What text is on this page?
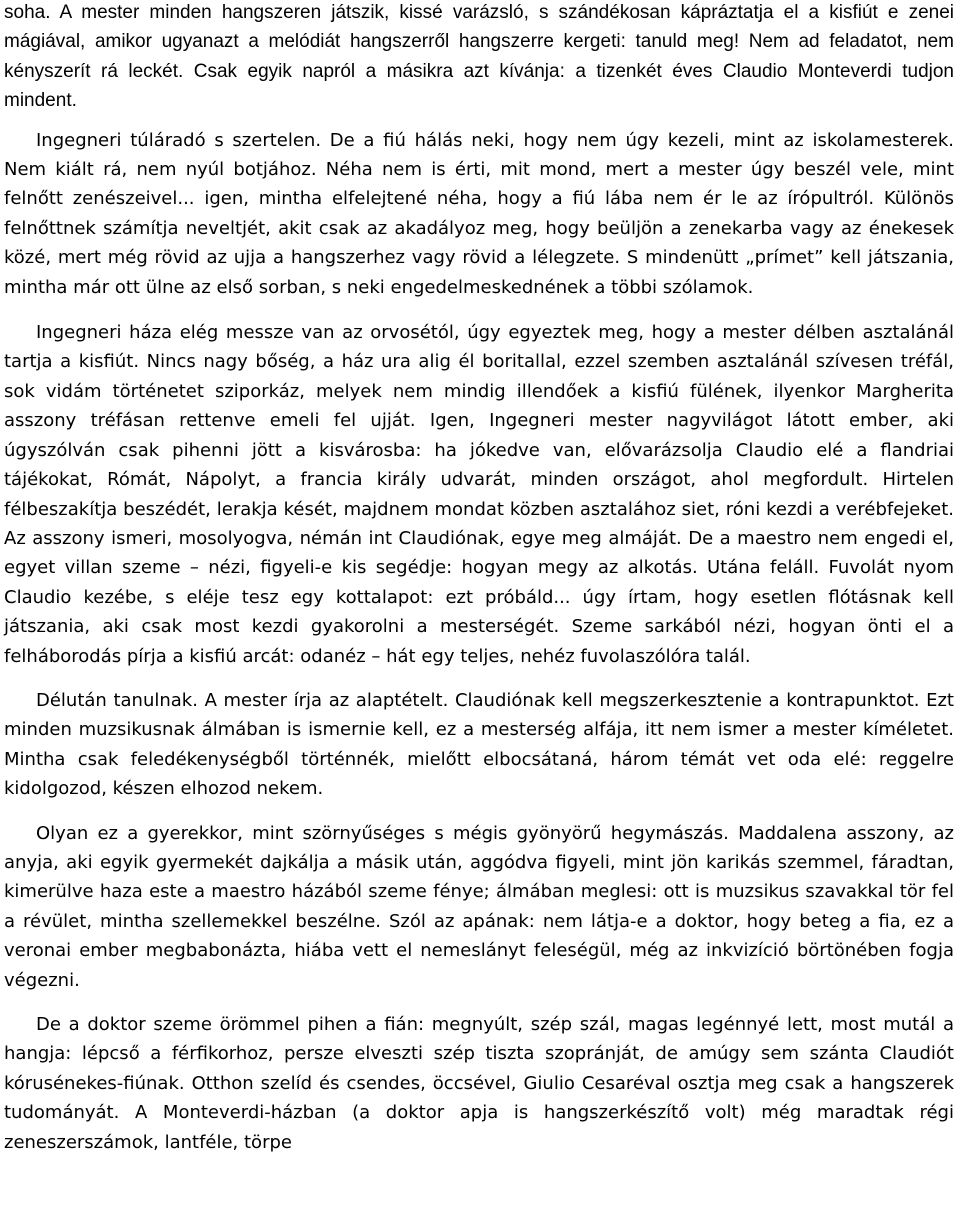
soha. A mester minden hangszeren játszik, kissé varázsló, s szándékosan kápráztatja el a kisfiút e zenei mágiával, amikor ugyanazt a melódiát hangszerről hangszerre kergeti: tanuld meg! Nem ad feladatot, nem kényszerít rá leckét. Csak egyik napról a másikra azt kívánja: a tizenkét éves Claudio Monteverdi tudjon mindent.

Ingegneri túláradó s szertelen. De a fiú hálás neki, hogy nem úgy kezeli, mint az iskolamesterek. Nem kiált rá, nem nyúl botjához. Néha nem is érti, mit mond, mert a mester úgy beszél vele, mint felnőtt zenészeivel... igen, mintha elfelejtené néha, hogy a fiú lába nem ér le az írópultról. Különös felnőttnek számítja neveltjét, akit csak az akadályoz meg, hogy beüljön a zenekarba vagy az énekesek közé, mert még rövid az ujja a hangszerhez vagy rövid a lélegzete. S mindenütt „prímet” kell játszania, mintha már ott ülne az első sorban, s neki engedelmeskednének a többi szólamok.

Ingegneri háza elég messze van az orvosétól, úgy egyeztek meg, hogy a mester délben asztalánál tartja a kisfiút. Nincs nagy bőség, a ház ura alig él boritallal, ezzel szemben asztalánál szívesen tréfál, sok vidám történetet sziporkáz, melyek nem mindig illendőek a kisfiú fülének, ilyenkor Margherita asszony tréfásan rettenve emeli fel ujját. Igen, Ingegneri mester nagyvilágot látott ember, aki úgyszólván csak pihenni jött a kisvárosba: ha jókedve van, elővarázsolja Claudio elé a flandriai tájékokat, Rómát, Nápolyt, a francia király udvarát, minden országot, ahol megfordult. Hirtelen félbeszakítja beszédét, lerakja kését, majdnem mondat közben asztalához siet, róni kezdi a verébfejeket. Az asszony ismeri, mosolyogva, némán int Claudiónak, egye meg almáját. De a maestro nem engedi el, egyet villan szeme – nézi, figyeli-e kis segédje: hogyan megy az alkotás. Utána feláll. Fuvolát nyom Claudio kezébe, s eléje tesz egy kottalapot: ezt próbáld... úgy írtam, hogy esetlen flótásnak kell játszania, aki csak most kezdi gyakorolni a mesterségét. Szeme sarkából nézi, hogyan önti el a felháborodás pírja a kisfiú arcát: odanéz – hát egy teljes, nehéz fuvolaszólóra talál.

Délután tanulnak. A mester írja az alaptételt. Claudiónak kell megszerkesztenie a kontrapunktot. Ezt minden muzsikusnak álmában is ismernie kell, ez a mesterség alfája, itt nem ismer a mester kíméletet. Mintha csak feledékenységből történnék, mielőtt elbocsátaná, három témát vet oda elé: reggelre kidolgozod, készen elhozod nekem.

Olyan ez a gyerekkor, mint szörnyűséges s mégis gyönyörű hegymászás. Maddalena asszony, az anyja, aki egyik gyermekét dajkálja a másik után, aggódva figyeli, mint jön karikás szemmel, fáradtan, kimerülve haza este a maestro házából szeme fénye; álmában meglesi: ott is muzsikus szavakkal tör fel a révület, mintha szellemekkel beszélne. Szól az apának: nem látja-e a doktor, hogy beteg a fia, ez a veronai ember megbabonázta, hiába vett el nemeslányt feleségül, még az inkvizíció börtönében fogja végezni.

De a doktor szeme örömmel pihen a fián: megnyúlt, szép szál, magas legénnyé lett, most mutál a hangja: lépcső a férfikorhoz, persze elveszti szép tiszta szopránját, de amúgy sem szánta Claudiót kórusénekes-fiúnak. Otthon szelíd és csendes, öccsével, Giulio Cesaréval osztja meg csak a hangszerek tudományát. A Monteverdi-házban (a doktor apja is hangszerkészítő volt) még maradtak régi zeneszerszámok, lantféle, törpe
